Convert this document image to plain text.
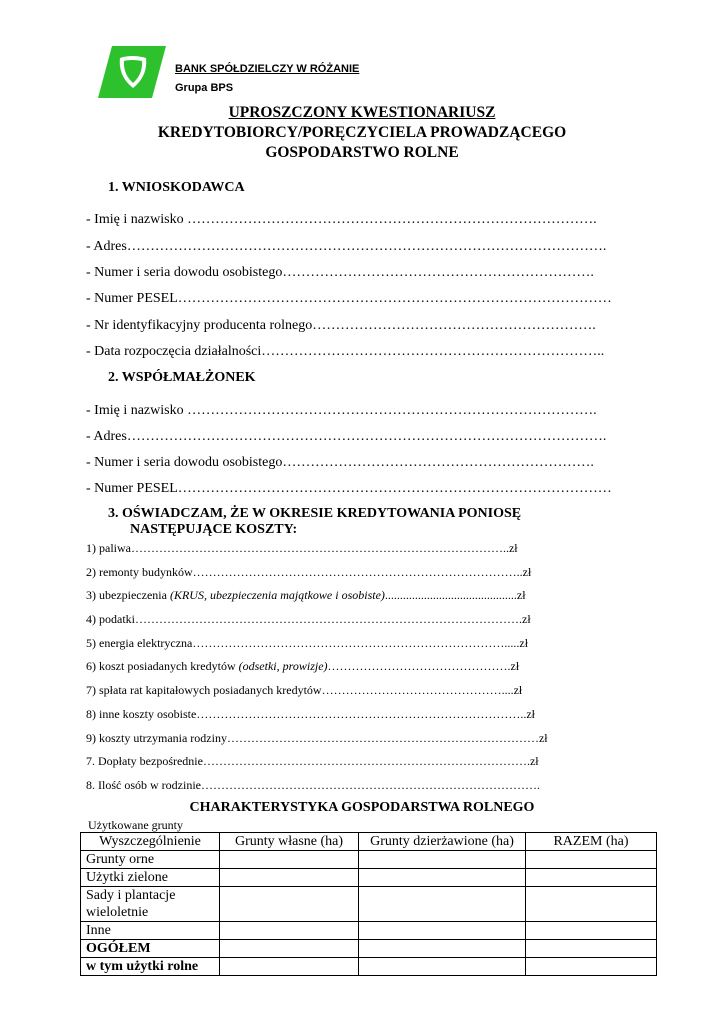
BANK SPÓŁDZIELCZY W RÓŻANIE
Grupa BPS
UPROSZCZONY KWESTIONARIUSZ
KREDYTOBIORCY/PORĘCZYCIELA PROWADZĄCEGO
GOSPODARSTWO ROLNE
1. WNIOSKODAWCA
- Imię i nazwisko …………………………………………………………………………….
- Adres………………………………………………………………………………………….
- Numer i seria dowodu osobistego………………………………………………………….
- Numer PESEL…………………………………………………………………………………
- Nr identyfikacyjny producenta rolnego…………………………………………………….
- Data rozpoczęcia działalności………………………………………………………………..
2. WSPÓŁMAŁŻONEK
- Imię i nazwisko …………………………………………………………………………….
- Adres………………………………………………………………………………………….
- Numer i seria dowodu osobistego………………………………………………………….
- Numer PESEL…………………………………………………………………………………
3. OŚWIADCZAM, ŻE W OKRESIE KREDYTOWANIA PONIOSĘ
NASTĘPUJĄCE KOSZTY:
1) paliwa…………………………………………………………………………………..zł
2) remonty budynków………………………………………………………………………..zł
3) ubezpieczenia (KRUS, ubezpieczenia majątkowe i osobiste)............................................zł
4) podatki…………………………………………………………………………………….zł
5) energia elektryczna…………………………………………………………………….....zł
6) koszt posiadanych kredytów (odsetki, prowizje)……………………………………….zł
7) spłata rat kapitałowych posiadanych kredytów………………………………………....zł
8) inne koszty osobiste………………………………………………………………………..zł
9) koszty utrzymania rodziny……………………………………………………………………zł
7. Dopłaty bezpośrednie……………………………………………………………………….zł
8. Ilość osób w rodzinie………………………………………………………………………….
CHARAKTERYSTYKA GOSPODARSTWA ROLNEGO
Użytkowane grunty
Wyszczególnienie	Grunty własne (ha)	Grunty dzierżawione (ha)	RAZEM (ha)
Grunty orne			
Użytki zielone			
Sady i plantacje wieloletnie			
Inne			
OGÓŁEM			
w tym użytki rolne			
